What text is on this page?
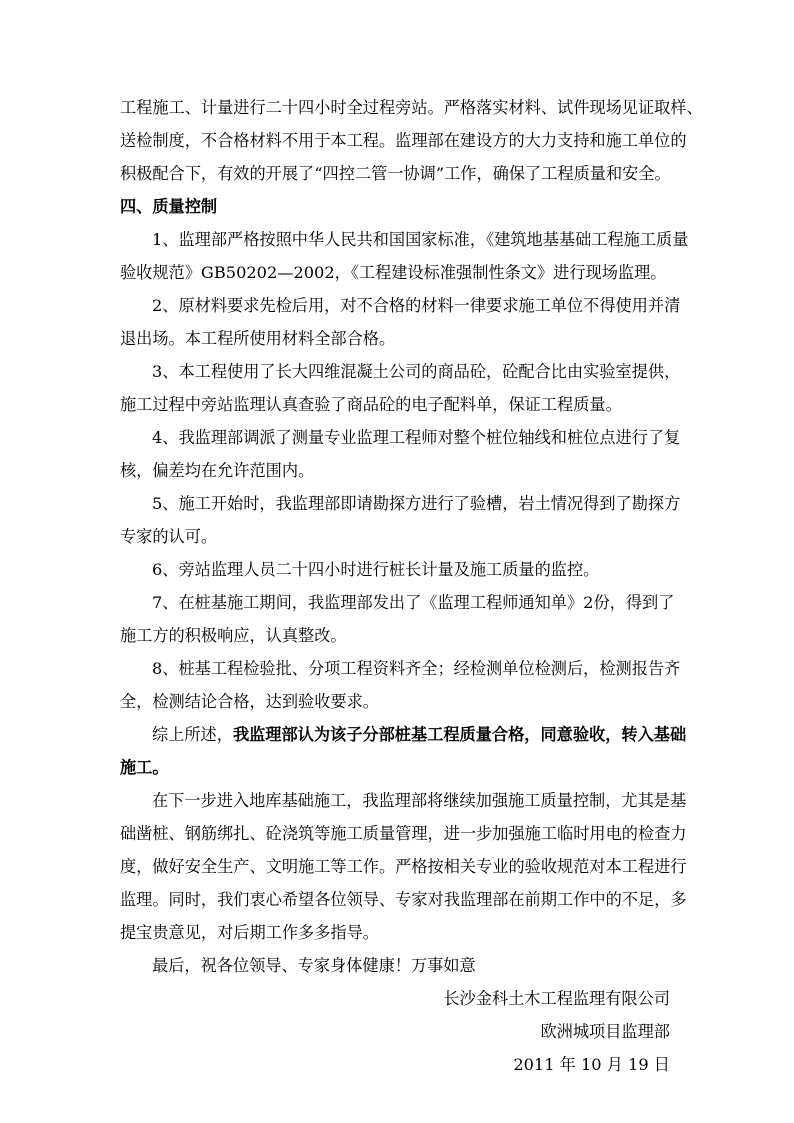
工程施工、计量进行二十四小时全过程旁站。严格落实材料、试件现场见证取样、
送检制度，不合格材料不用于本工程。监理部在建设方的大力支持和施工单位的
积极配合下，有效的开展了“四控二管一协调”工作，确保了工程质量和安全。
四、质量控制
1、监理部严格按照中华人民共和国国家标准，《建筑地基基础工程施工质量
验收规范》GB50202—2002，《工程建设标准强制性条文》进行现场监理。
2、原材料要求先检后用，对不合格的材料一律要求施工单位不得使用并清
退出场。本工程所使用材料全部合格。
3、本工程使用了长大四维混凝土公司的商品砼，砼配合比由实验室提供，
施工过程中旁站监理认真查验了商品砼的电子配料单，保证工程质量。
4、我监理部调派了测量专业监理工程师对整个桩位轴线和桩位点进行了复
核，偏差均在允许范围内。
5、施工开始时，我监理部即请勘探方进行了验槽，岩土情况得到了勘探方
专家的认可。
6、旁站监理人员二十四小时进行桩长计量及施工质量的监控。
7、在桩基施工期间，我监理部发出了《监理工程师通知单》2份，得到了
施工方的积极响应，认真整改。
8、桩基工程检验批、分项工程资料齐全；经检测单位检测后，检测报告齐
全，检测结论合格，达到验收要求。
综上所述，我监理部认为该子分部桩基工程质量合格，同意验收，转入基础
施工。
在下一步进入地库基础施工，我监理部将继续加强施工质量控制，尤其是基
础凿桩、钢筋绑扎、砼浇筑等施工质量管理，进一步加强施工临时用电的检查力
度，做好安全生产、文明施工等工作。严格按相关专业的验收规范对本工程进行
监理。同时，我们衷心希望各位领导、专家对我监理部在前期工作中的不足，多
提宝贵意见，对后期工作多多指导。
最后，祝各位领导、专家身体健康！万事如意
长沙金科土木工程监理有限公司
欧洲城项目监理部
2011 年 10 月 19 日
